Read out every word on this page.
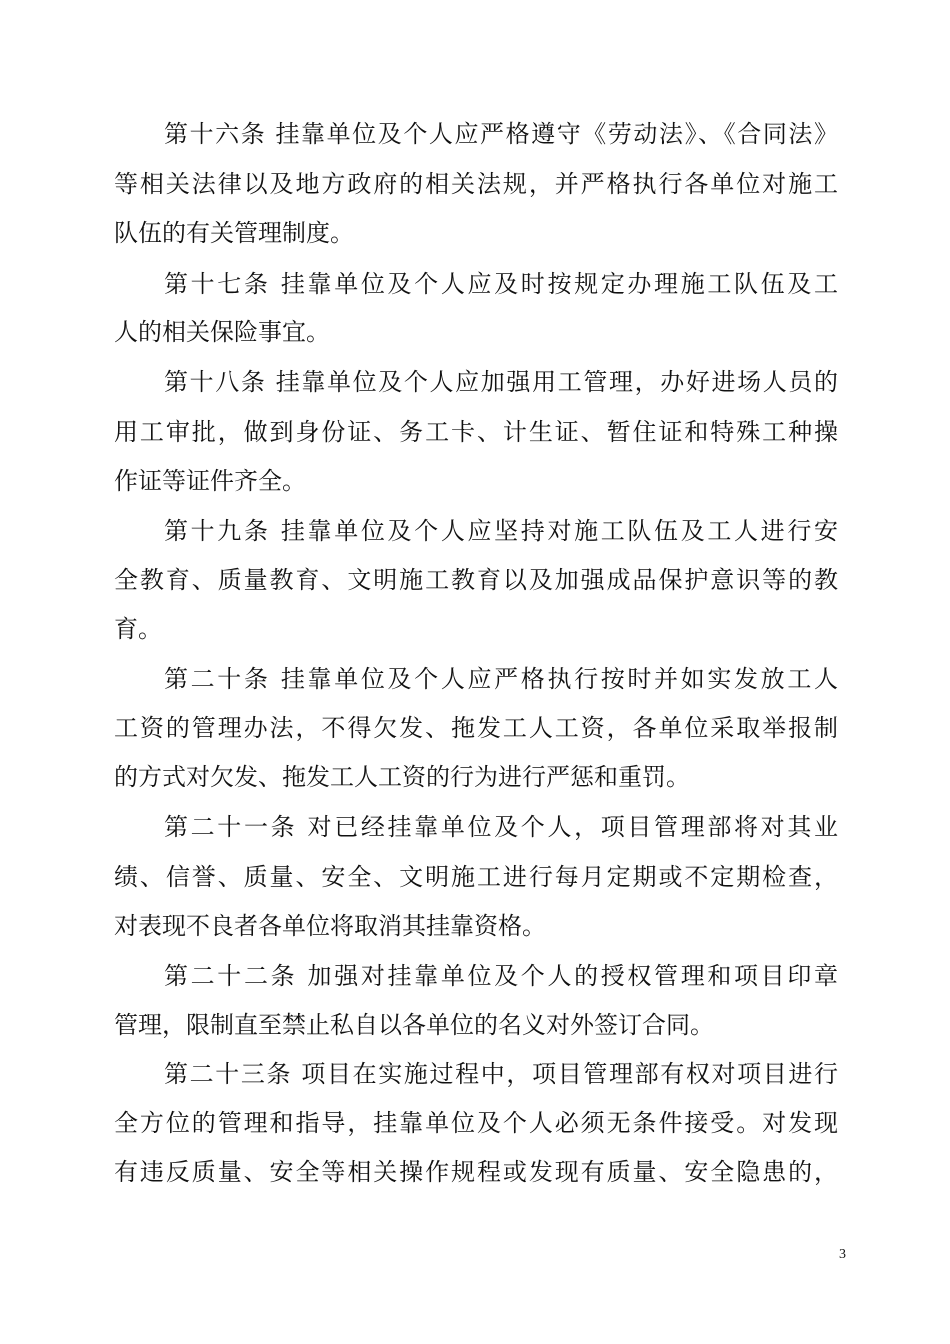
第十六条 挂靠单位及个人应严格遵守《劳动法》、《合同法》
等相关法律以及地方政府的相关法规，并严格执行各单位对施工
队伍的有关管理制度。
第十七条 挂靠单位及个人应及时按规定办理施工队伍及工
人的相关保险事宜。
第十八条 挂靠单位及个人应加强用工管理，办好进场人员的
用工审批，做到身份证、务工卡、计生证、暂住证和特殊工种操
作证等证件齐全。
第十九条 挂靠单位及个人应坚持对施工队伍及工人进行安
全教育、质量教育、文明施工教育以及加强成品保护意识等的教
育。
第二十条 挂靠单位及个人应严格执行按时并如实发放工人
工资的管理办法，不得欠发、拖发工人工资，各单位采取举报制
的方式对欠发、拖发工人工资的行为进行严惩和重罚。
第二十一条 对已经挂靠单位及个人，项目管理部将对其业
绩、信誉、质量、安全、文明施工进行每月定期或不定期检查，
对表现不良者各单位将取消其挂靠资格。
第二十二条 加强对挂靠单位及个人的授权管理和项目印章
管理，限制直至禁止私自以各单位的名义对外签订合同。
第二十三条 项目在实施过程中，项目管理部有权对项目进行
全方位的管理和指导，挂靠单位及个人必须无条件接受。对发现
有违反质量、安全等相关操作规程或发现有质量、安全隐患的，
3
